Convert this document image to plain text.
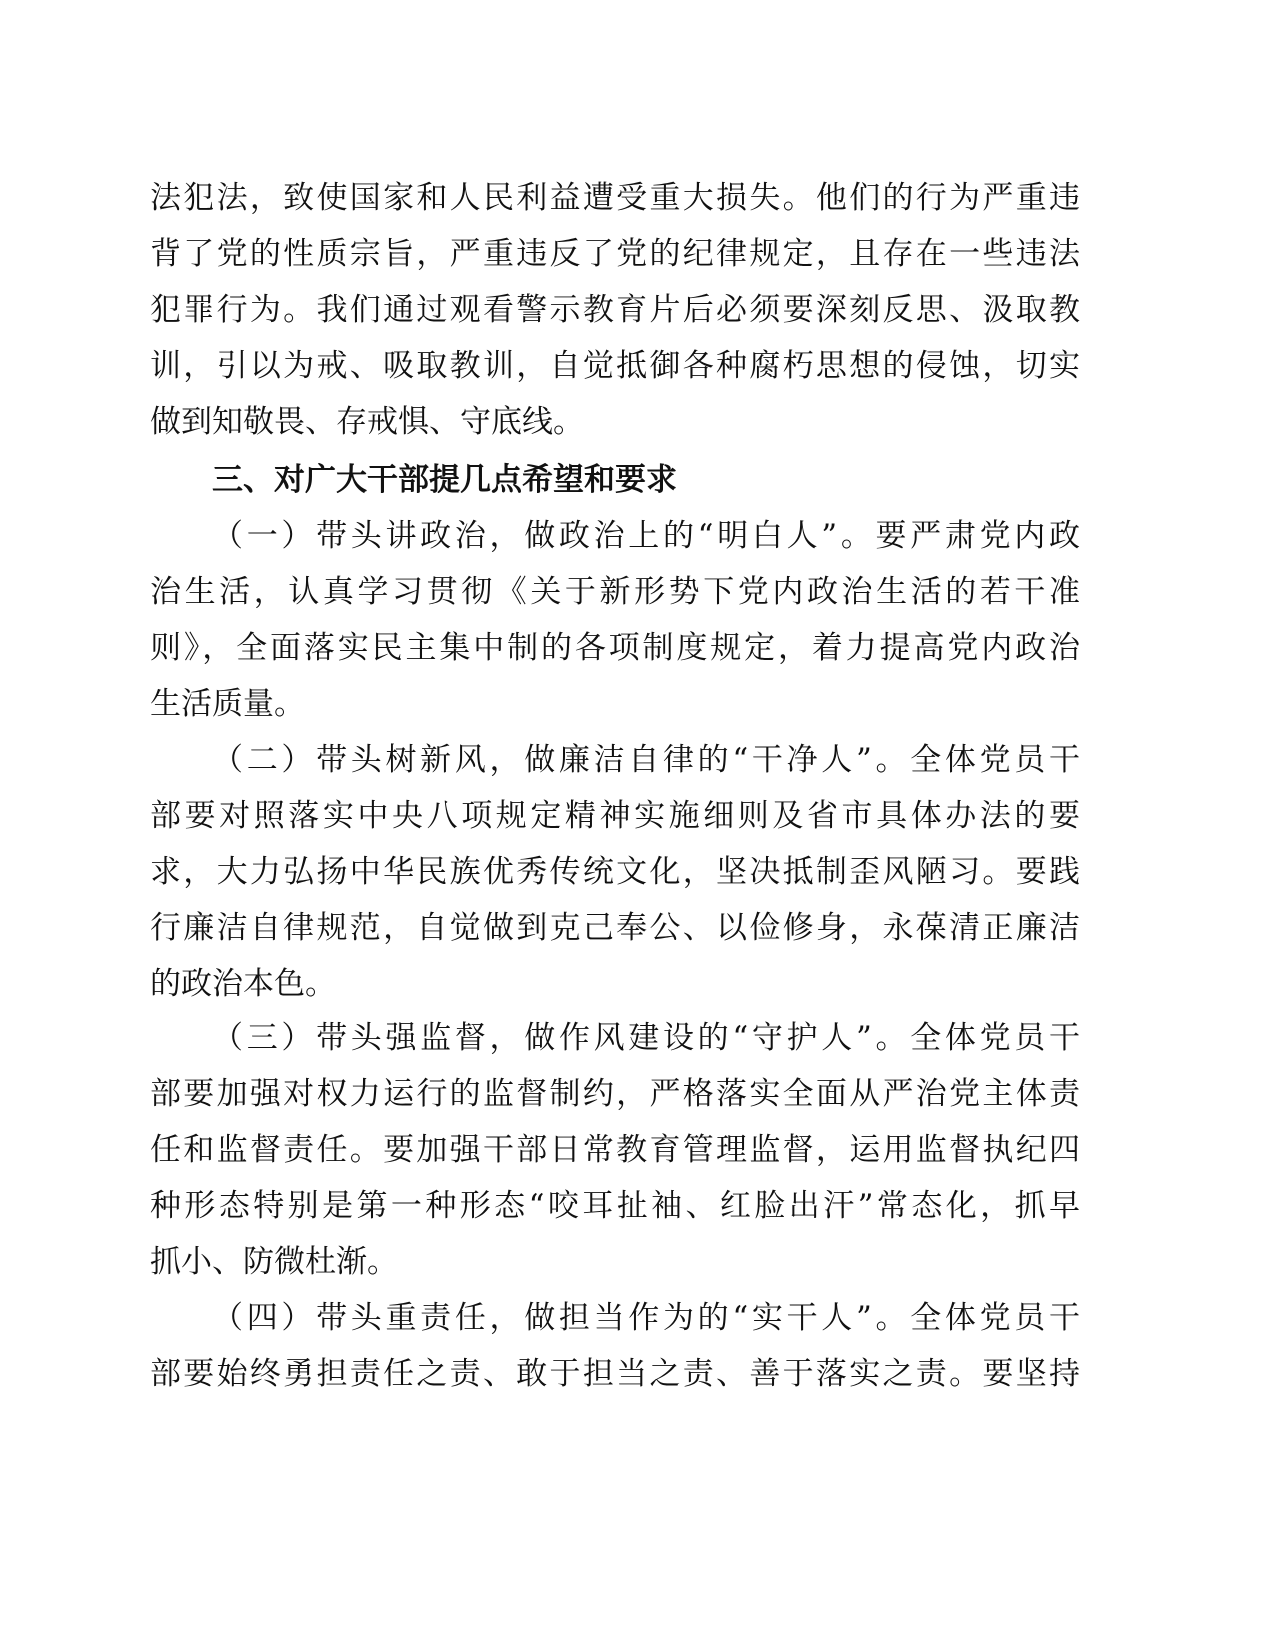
法犯法，致使国家和人民利益遭受重大损失。他们的行为严重违
背了党的性质宗旨，严重违反了党的纪律规定，且存在一些违法
犯罪行为。我们通过观看警示教育片后必须要深刻反思、汲取教
训，引以为戒、吸取教训，自觉抵御各种腐朽思想的侵蚀，切实
做到知敬畏、存戒惧、守底线。
三、对广大干部提几点希望和要求
（一）带头讲政治，做政治上的“明白人”。要严肃党内政
治生活，认真学习贯彻《关于新形势下党内政治生活的若干准
则》，全面落实民主集中制的各项制度规定，着力提高党内政治
生活质量。
（二）带头树新风，做廉洁自律的“干净人”。全体党员干
部要对照落实中央八项规定精神实施细则及省市具体办法的要
求，大力弘扬中华民族优秀传统文化，坚决抵制歪风陋习。要践
行廉洁自律规范，自觉做到克己奉公、以俭修身，永葆清正廉洁
的政治本色。
（三）带头强监督，做作风建设的“守护人”。全体党员干
部要加强对权力运行的监督制约，严格落实全面从严治党主体责
任和监督责任。要加强干部日常教育管理监督，运用监督执纪四
种形态特别是第一种形态“咬耳扯袖、红脸出汗”常态化，抓早
抓小、防微杜渐。
（四）带头重责任，做担当作为的“实干人”。全体党员干
部要始终勇担责任之责、敢于担当之责、善于落实之责。要坚持
